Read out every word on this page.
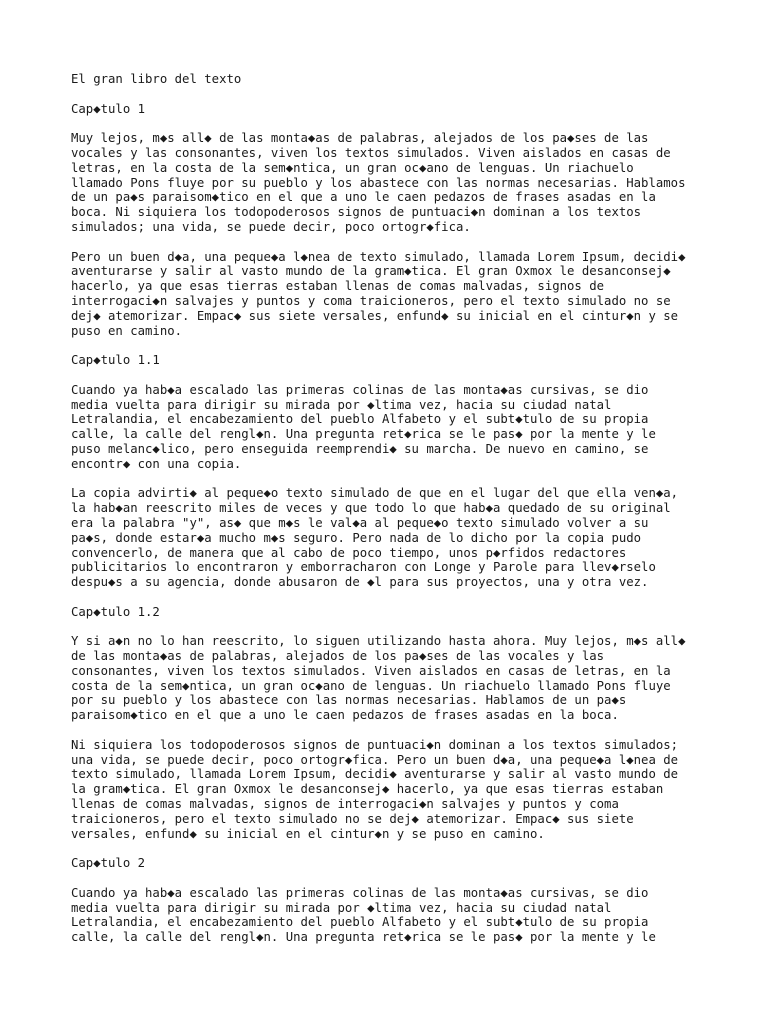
El gran libro del texto

Cap◆tulo 1

Muy lejos, m◆s all◆ de las monta◆as de palabras, alejados de los pa◆ses de las
vocales y las consonantes, viven los textos simulados. Viven aislados en casas de
letras, en la costa de la sem◆ntica, un gran oc◆ano de lenguas. Un riachuelo
llamado Pons fluye por su pueblo y los abastece con las normas necesarias. Hablamos
de un pa◆s paraisom◆tico en el que a uno le caen pedazos de frases asadas en la
boca. Ni siquiera los todopoderosos signos de puntuaci◆n dominan a los textos
simulados; una vida, se puede decir, poco ortogr◆fica.

Pero un buen d◆a, una peque◆a l◆nea de texto simulado, llamada Lorem Ipsum, decidi◆
aventurarse y salir al vasto mundo de la gram◆tica. El gran Oxmox le desanconsej◆
hacerlo, ya que esas tierras estaban llenas de comas malvadas, signos de
interrogaci◆n salvajes y puntos y coma traicioneros, pero el texto simulado no se
dej◆ atemorizar. Empac◆ sus siete versales, enfund◆ su inicial en el cintur◆n y se
puso en camino.

Cap◆tulo 1.1

Cuando ya hab◆a escalado las primeras colinas de las monta◆as cursivas, se dio
media vuelta para dirigir su mirada por ◆ltima vez, hacia su ciudad natal
Letralandia, el encabezamiento del pueblo Alfabeto y el subt◆tulo de su propia
calle, la calle del rengl◆n. Una pregunta ret◆rica se le pas◆ por la mente y le
puso melanc◆lico, pero enseguida reemprendi◆ su marcha. De nuevo en camino, se
encontr◆ con una copia.

La copia advirti◆ al peque◆o texto simulado de que en el lugar del que ella ven◆a,
la hab◆an reescrito miles de veces y que todo lo que hab◆a quedado de su original
era la palabra "y", as◆ que m◆s le val◆a al peque◆o texto simulado volver a su
pa◆s, donde estar◆a mucho m◆s seguro. Pero nada de lo dicho por la copia pudo
convencerlo, de manera que al cabo de poco tiempo, unos p◆rfidos redactores
publicitarios lo encontraron y emborracharon con Longe y Parole para llev◆rselo
despu◆s a su agencia, donde abusaron de ◆l para sus proyectos, una y otra vez.

Cap◆tulo 1.2

Y si a◆n no lo han reescrito, lo siguen utilizando hasta ahora. Muy lejos, m◆s all◆
de las monta◆as de palabras, alejados de los pa◆ses de las vocales y las
consonantes, viven los textos simulados. Viven aislados en casas de letras, en la
costa de la sem◆ntica, un gran oc◆ano de lenguas. Un riachuelo llamado Pons fluye
por su pueblo y los abastece con las normas necesarias. Hablamos de un pa◆s
paraisom◆tico en el que a uno le caen pedazos de frases asadas en la boca.

Ni siquiera los todopoderosos signos de puntuaci◆n dominan a los textos simulados;
una vida, se puede decir, poco ortogr◆fica. Pero un buen d◆a, una peque◆a l◆nea de
texto simulado, llamada Lorem Ipsum, decidi◆ aventurarse y salir al vasto mundo de
la gram◆tica. El gran Oxmox le desanconsej◆ hacerlo, ya que esas tierras estaban
llenas de comas malvadas, signos de interrogaci◆n salvajes y puntos y coma
traicioneros, pero el texto simulado no se dej◆ atemorizar. Empac◆ sus siete
versales, enfund◆ su inicial en el cintur◆n y se puso en camino.

Cap◆tulo 2

Cuando ya hab◆a escalado las primeras colinas de las monta◆as cursivas, se dio
media vuelta para dirigir su mirada por ◆ltima vez, hacia su ciudad natal
Letralandia, el encabezamiento del pueblo Alfabeto y el subt◆tulo de su propia
calle, la calle del rengl◆n. Una pregunta ret◆rica se le pas◆ por la mente y le
